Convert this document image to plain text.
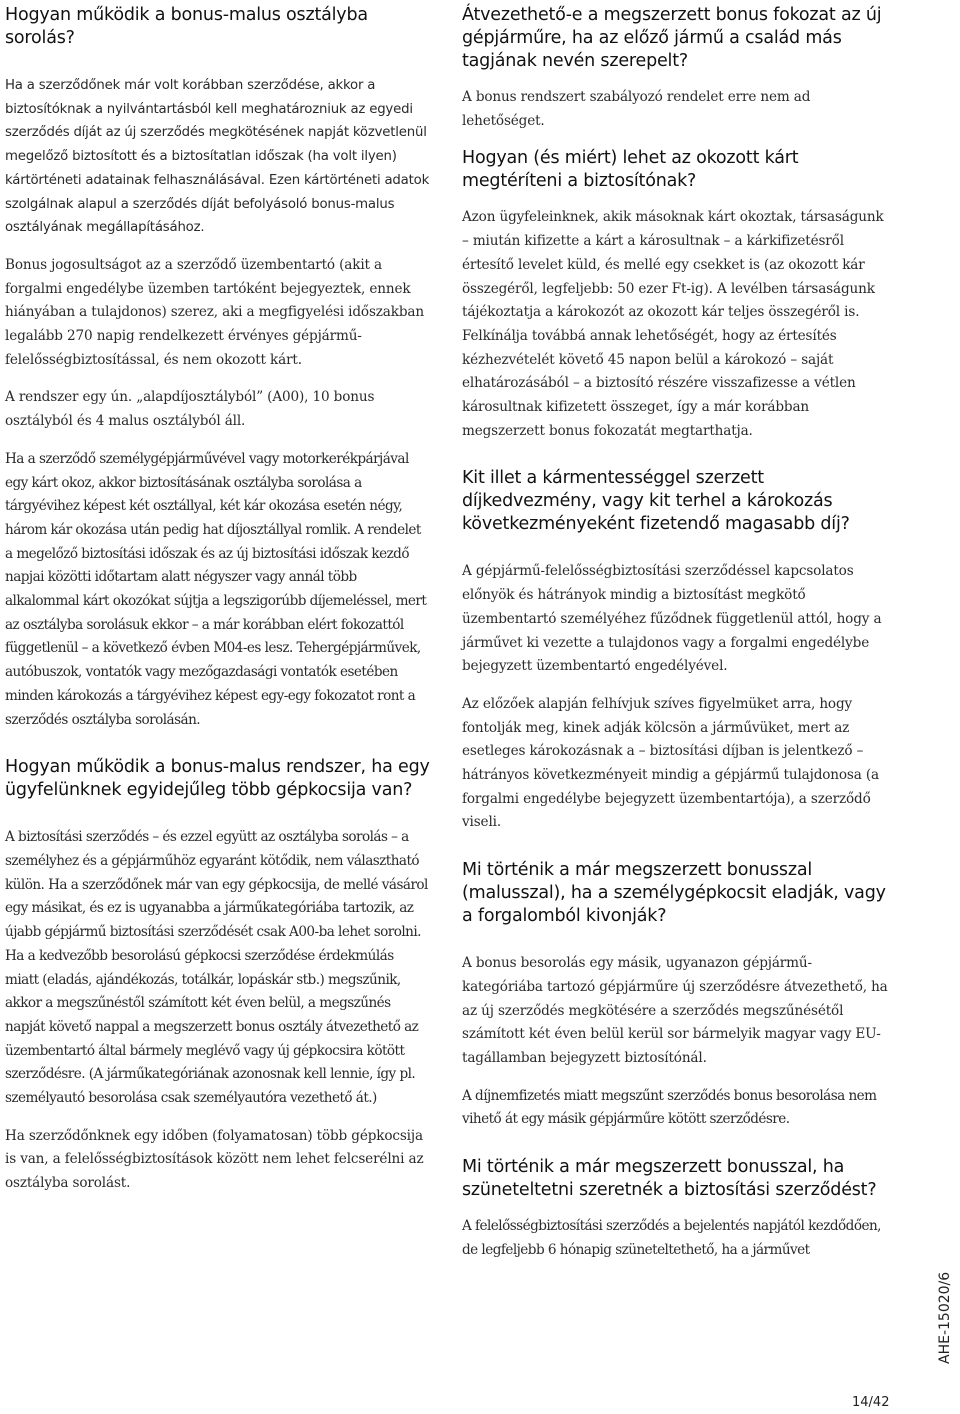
Hogyan működik a bonus-malus osztályba sorolás?

Ha a szerződőnek már volt korábban szerződése, akkor a biztosítóknak a nyilvántartásból kell meghatározniuk az egyedi szerződés díját az új szerződés megkötésének napját közvetlenül megelőző biztosított és a biztosítatlan időszak (ha volt ilyen) kártörténeti adatainak felhasználásával. Ezen kártörténeti adatok szolgálnak alapul a szerződés díját befolyásoló bonus-malus osztályának megállapításához.

Bonus jogosultságot az a szerződő üzembentartó (akit a forgalmi engedélybe üzemben tartóként bejegyeztek, ennek hiányában a tulajdonos) szerez, aki a megfigyelési időszakban legalább 270 napig rendelkezett érvényes gépjármű-felelősségbiztosítással, és nem okozott kárt.

A rendszer egy ún. „alapdíjosztályból” (A00), 10 bonus osztályból és 4 malus osztályból áll.

Ha a szerződő személygépjárművével vagy motorkerékpárjával egy kárt okoz, akkor biztosításának osztályba sorolása a tárgyévihez képest két osztállyal, két kár okozása esetén négy, három kár okozása után pedig hat díjosztállyal romlik. A rendelet a megelőző biztosítási időszak és az új biztosítási időszak kezdő napjai közötti időtartam alatt négyszer vagy annál több alkalommal kárt okozókat sújtja a legszigorúbb díjemeléssel, mert az osztályba sorolásuk ekkor – a már korábban elért fokozattól függetlenül – a következő évben M04-es lesz. Tehergépjárművek, autóbuszok, vontatók vagy mezőgazdasági vontatók esetében minden károkozás a tárgyévihez képest egy-egy fokozatot ront a szerződés osztályba sorolásán.

Hogyan működik a bonus-malus rendszer, ha egy ügyfelünknek egyidejűleg több gépkocsija van?

A biztosítási szerződés – és ezzel együtt az osztályba sorolás – a személyhez és a gépjárműhöz egyaránt kötődik, nem választható külön. Ha a szerződőnek már van egy gépkocsija, de mellé vásárol egy másikat, és ez is ugyanabba a járműkategóriába tartozik, az újabb gépjármű biztosítási szerződését csak A00-ba lehet sorolni. Ha a kedvezőbb besorolású gépkocsi szerződése érdekmúlás miatt (eladás, ajándékozás, totálkár, lopáskár stb.) megszűnik, akkor a megszűnéstől számított két éven belül, a megszűnés napját követő nappal a megszerzett bonus osztály átvezethető az üzembentartó által bármely meglévő vagy új gépkocsira kötött szerződésre. (A járműkategóriának azonosnak kell lennie, így pl. személyautó besorolása csak személyautóra vezethető át.)

Ha szerződőnknek egy időben (folyamatosan) több gépkocsija is van, a felelősségbiztosítások között nem lehet felcserélni az osztályba sorolást.

Átvezethető-e a megszerzett bonus fokozat az új gépjárműre, ha az előző jármű a család más tagjának nevén szerepelt?

A bonus rendszert szabályozó rendelet erre nem ad lehetőséget.

Hogyan (és miért) lehet az okozott kárt megtéríteni a biztosítónak?

Azon ügyfeleinknek, akik másoknak kárt okoztak, társaságunk – miután kifizette a kárt a károsultnak – a kárkifizetésről értesítő levelet küld, és mellé egy csekket is (az okozott kár összegéről, legfeljebb: 50 ezer Ft-ig). A levélben társaságunk tájékoztatja a károkozót az okozott kár teljes összegéről is. Felkínálja továbbá annak lehetőségét, hogy az értesítés kézhezvételét követő 45 napon belül a károkozó – saját elhatározásából – a biztosító részére visszafizesse a vétlen károsultnak kifizetett összeget, így a már korábban megszerzett bonus fokozatát megtarthatja.

Kit illet a kármentességgel szerzett díjkedvezmény, vagy kit terhel a károkozás következményeként fizetendő magasabb díj?

A gépjármű-felelősségbiztosítási szerződéssel kapcsolatos előnyök és hátrányok mindig a biztosítást megkötő üzembentartó személyéhez fűződnek függetlenül attól, hogy a járművet ki vezette a tulajdonos vagy a forgalmi engedélybe bejegyzett üzembentartó engedélyével.

Az előzőek alapján felhívjuk szíves figyelmüket arra, hogy fontolják meg, kinek adják kölcsön a járművüket, mert az esetleges károkozásnak a – biztosítási díjban is jelentkező – hátrányos következményeit mindig a gépjármű tulajdonosa (a forgalmi engedélybe bejegyzett üzembentartója), a szerződő viseli.

Mi történik a már megszerzett bonusszal (malusszal), ha a személygépkocsit eladják, vagy a forgalomból kivonják?

A bonus besorolás egy másik, ugyanazon gépjármű-kategóriába tartozó gépjárműre új szerződésre átvezethető, ha az új szerződés megkötésére a szerződés megszűnésétől számított két éven belül kerül sor bármelyik magyar vagy EU-tagállamban bejegyzett biztosítónál.

A díjnemfizetés miatt megszűnt szerződés bonus besorolása nem vihető át egy másik gépjárműre kötött szerződésre.

Mi történik a már megszerzett bonusszal, ha szüneteltetni szeretnék a biztosítási szerződést?

A felelősségbiztosítási szerződés a bejelentés napjától kezdődően, de legfeljebb 6 hónapig szüneteltethető, ha a járművet

AHE-15020/6
14/42
